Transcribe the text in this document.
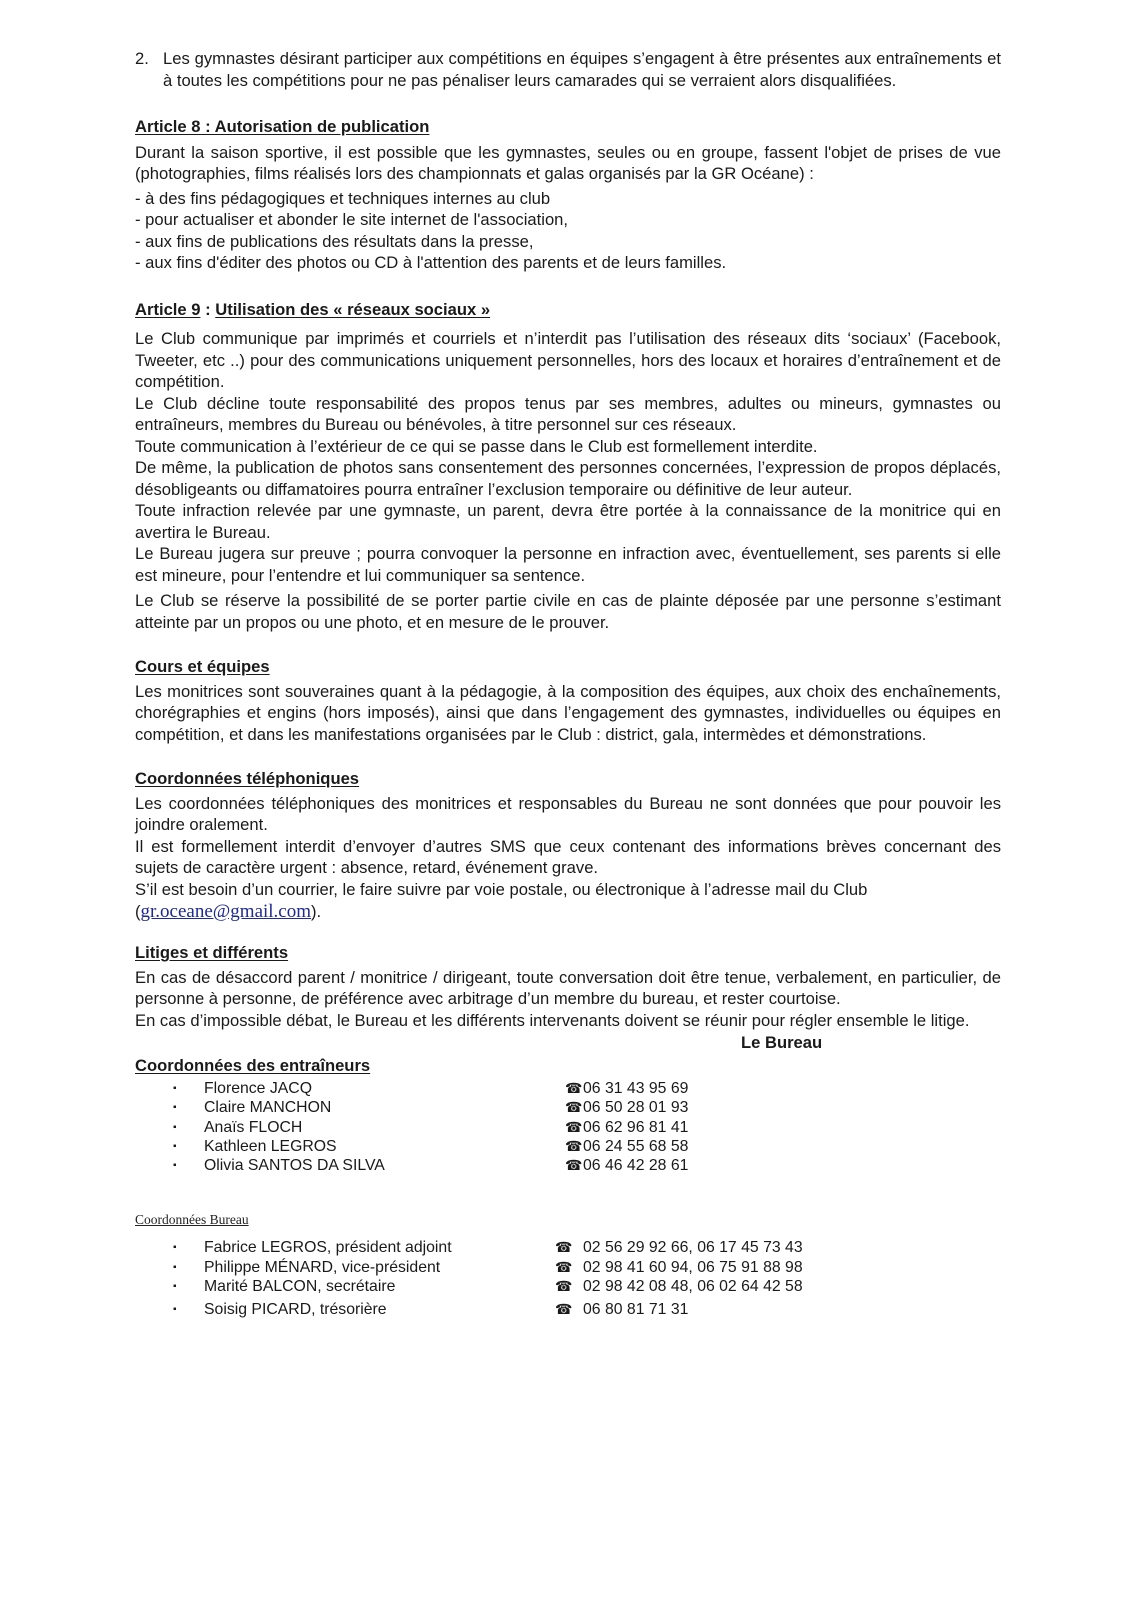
2. Les gymnastes désirant participer aux compétitions en équipes s’engagent à être présentes aux entraînements et à toutes les compétitions pour ne pas pénaliser leurs camarades qui se verraient alors disqualifiées.

Article 8 : Autorisation de publication

Durant la saison sportive, il est possible que les gymnastes, seules ou en groupe, fassent l'objet de prises de vue (photographies, films réalisés lors des championnats et galas organisés par la GR Océane) :

- à des fins pédagogiques et techniques internes au club

- pour actualiser et abonder le site internet de l'association,

- aux fins de publications des résultats dans la presse,

- aux fins d'éditer des photos ou CD à l'attention des parents et de leurs familles.

Article 9 : Utilisation des « réseaux sociaux »

Le Club communique par imprimés et courriels et n’interdit pas l’utilisation des réseaux dits ‘sociaux’ (Facebook, Tweeter, etc ..) pour des communications uniquement personnelles, hors des locaux et horaires d’entraînement et de compétition.

Le Club décline toute responsabilité des propos tenus par ses membres, adultes ou mineurs, gymnastes ou entraîneurs, membres du Bureau ou bénévoles, à titre personnel sur ces réseaux.

Toute communication à l’extérieur de ce qui se passe dans le Club est formellement interdite.

De même, la publication de photos sans consentement des personnes concernées, l’expression de propos déplacés, désobligeants ou diffamatoires pourra entraîner l’exclusion temporaire ou définitive de leur auteur.

Toute infraction relevée par une gymnaste, un parent, devra être portée à la connaissance de la monitrice qui en avertira le Bureau.

Le Bureau jugera sur preuve ; pourra convoquer la personne en infraction avec, éventuellement, ses parents si elle est mineure, pour l’entendre et lui communiquer sa sentence.

Le Club se réserve la possibilité de se porter partie civile en cas de plainte déposée par une personne s’estimant atteinte par un propos ou une photo, et en mesure de le prouver.

Cours et équipes

Les monitrices sont souveraines quant à la pédagogie, à la composition des équipes, aux choix des enchaînements, chorégraphies et engins (hors imposés), ainsi que dans l’engagement des gymnastes, individuelles ou équipes en compétition, et dans les manifestations organisées par le Club : district, gala, intermèdes et démonstrations.

Coordonnées téléphoniques

Les coordonnées téléphoniques des monitrices et responsables du Bureau ne sont données que pour pouvoir les joindre oralement.

Il est formellement interdit d’envoyer d’autres SMS que ceux contenant des informations brèves concernant des sujets de caractère urgent : absence, retard, événement grave.

S’il est besoin d’un courrier, le faire suivre par voie postale, ou électronique à l’adresse mail du Club

(gr.oceane@gmail.com).

Litiges et différents

En cas de désaccord parent / monitrice / dirigeant, toute conversation doit être tenue, verbalement, en particulier, de personne à personne, de préférence avec arbitrage d’un membre du bureau, et rester courtoise.

En cas d’impossible débat, le Bureau et les différents intervenants doivent se réunir pour régler ensemble le litige.

Le Bureau

Coordonnées des entraîneurs
▪ Florence JACQ	☎06 31 43 95 69
▪ Claire MANCHON	☎06 50 28 01 93
▪ Anaïs FLOCH	☎06 62 96 81 41
▪ Kathleen LEGROS	☎06 24 55 68 58
▪ Olivia SANTOS DA SILVA	☎06 46 42 28 61

Coordonnées Bureau

▪ Fabrice LEGROS, président adjoint	☎ 02 56 29 92 66, 06 17 45 73 43
▪ Philippe MÉNARD, vice-président	☎ 02 98 41 60 94, 06 75 91 88 98
▪ Marité BALCON, secrétaire	☎ 02 98 42 08 48, 06 02 64 42 58
▪ Soisig PICARD, trésorière	☎ 06 80 81 71 31
